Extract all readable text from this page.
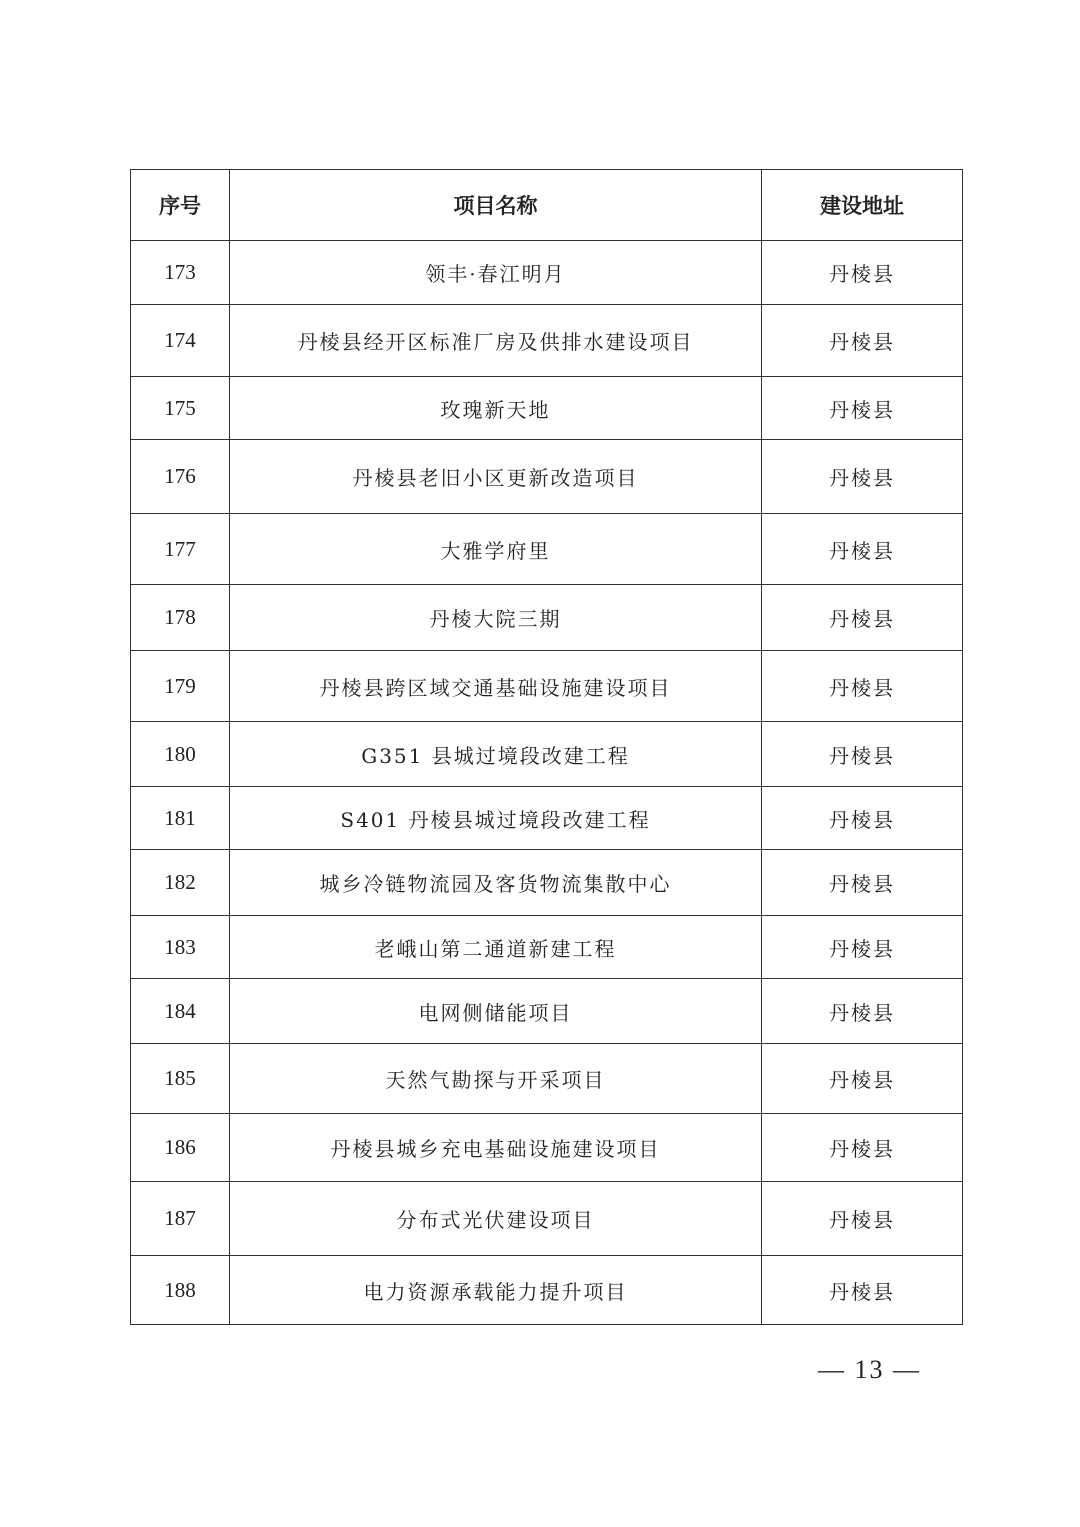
序号	项目名称	建设地址
173	领丰·春江明月	丹棱县
174	丹棱县经开区标准厂房及供排水建设项目	丹棱县
175	玫瑰新天地	丹棱县
176	丹棱县老旧小区更新改造项目	丹棱县
177	大雅学府里	丹棱县
178	丹棱大院三期	丹棱县
179	丹棱县跨区域交通基础设施建设项目	丹棱县
180	G351 县城过境段改建工程	丹棱县
181	S401 丹棱县城过境段改建工程	丹棱县
182	城乡冷链物流园及客货物流集散中心	丹棱县
183	老峨山第二通道新建工程	丹棱县
184	电网侧储能项目	丹棱县
185	天然气勘探与开采项目	丹棱县
186	丹棱县城乡充电基础设施建设项目	丹棱县
187	分布式光伏建设项目	丹棱县
188	电力资源承载能力提升项目	丹棱县
— 13 —
